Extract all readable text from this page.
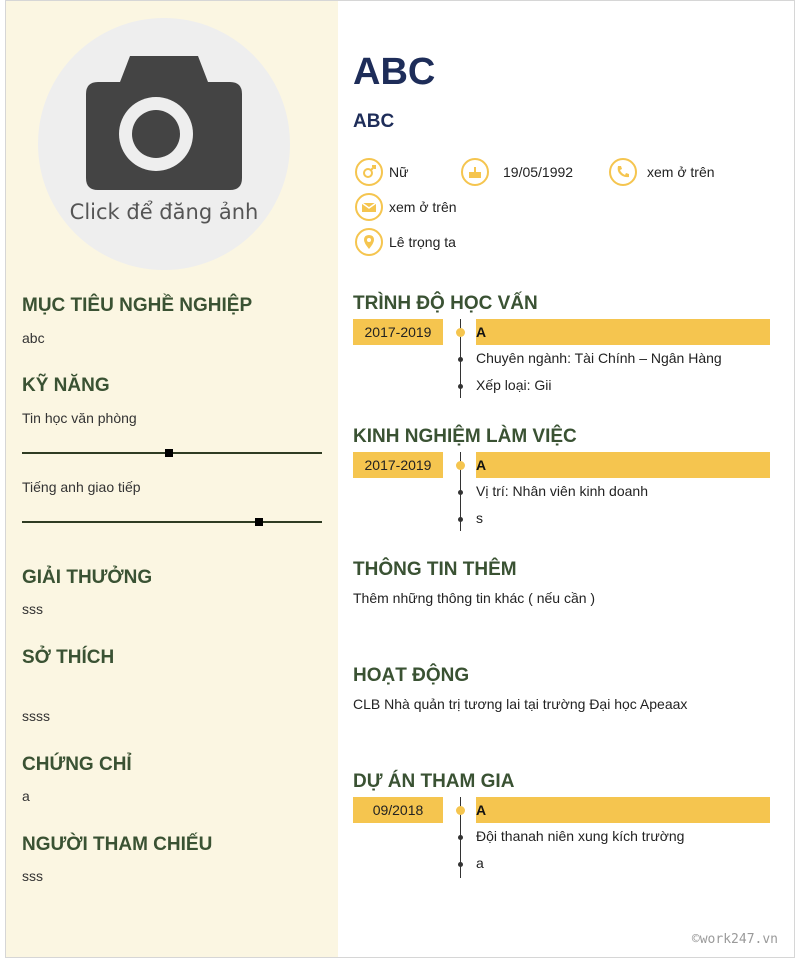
Click để đăng ảnh
MỤC TIÊU NGHỀ NGHIỆP
abc
KỸ NĂNG
Tin học văn phòng
Tiếng anh giao tiếp
GIẢI THƯỞNG
sss
SỞ THÍCH
ssss
CHỨNG CHỈ
a
NGƯỜI THAM CHIẾU
sss
ABC
ABC
Nữ	19/05/1992	xem ở trên
xem ở trên
Lê trọng ta
TRÌNH ĐỘ HỌC VẤN
2017-2019	A
Chuyên ngành: Tài Chính – Ngân Hàng
Xếp loại: Gii
KINH NGHIỆM LÀM VIỆC
2017-2019	A
Vị trí: Nhân viên kinh doanh
s
THÔNG TIN THÊM
Thêm những thông tin khác ( nếu cần )
HOẠT ĐỘNG
CLB Nhà quản trị tương lai tại trường Đại học Apeaax
DỰ ÁN THAM GIA
09/2018	A
Đội thanah niên xung kích trường
a
©work247.vn
